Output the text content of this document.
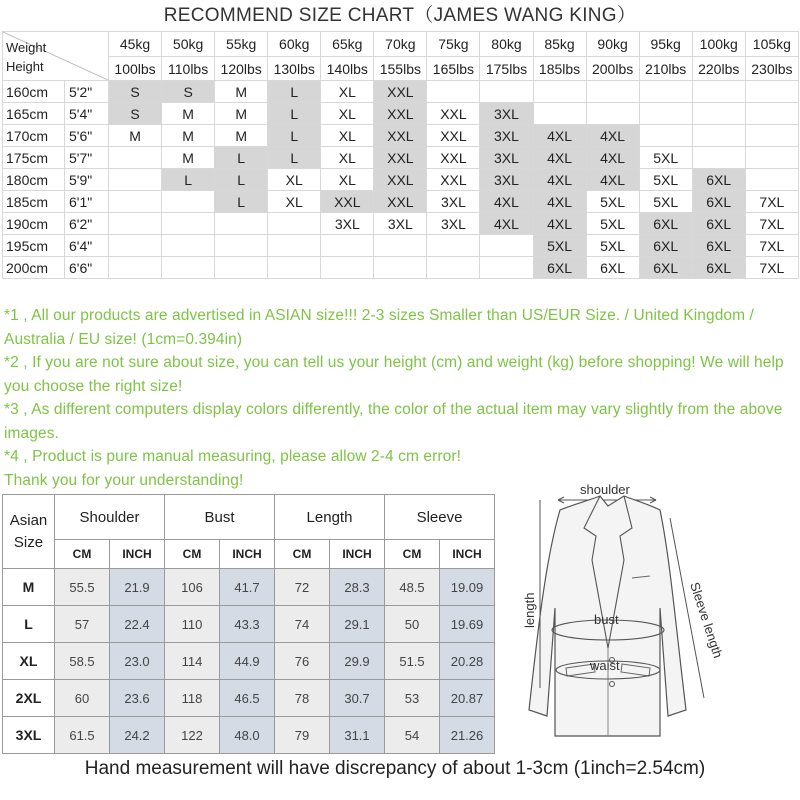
RECOMMEND SIZE CHART（JAMES WANG KING）
Weight
Height		45kg	50kg	55kg	60kg	65kg	70kg	75kg	80kg	85kg	90kg	95kg	100kg	105kg
		100lbs	110lbs	120lbs	130lbs	140lbs	155lbs	165lbs	175lbs	185lbs	200lbs	210lbs	220lbs	230lbs
160cm	5'2"	S	S	M	L	XL	XXL							
165cm	5'4"	S	M	M	L	XL	XXL	XXL	3XL					
170cm	5'6"	M	M	M	L	XL	XXL	XXL	3XL	4XL	4XL			
175cm	5'7"		M	L	L	XL	XXL	XXL	3XL	4XL	4XL	5XL		
180cm	5'9"		L	L	XL	XL	XXL	XXL	3XL	4XL	4XL	5XL	6XL	
185cm	6'1"			L	XL	XXL	XXL	3XL	4XL	4XL	5XL	5XL	6XL	7XL
190cm	6'2"					3XL	3XL	3XL	4XL	4XL	5XL	6XL	6XL	7XL
195cm	6'4"									5XL	5XL	6XL	6XL	7XL
200cm	6'6"									6XL	6XL	6XL	6XL	7XL

*1 , All our products are advertised in ASIAN size!!! 2-3 sizes Smaller than US/EUR Size. / United Kingdom / Australia / EU size! (1cm=0.394in)

*2 , If you are not sure about size, you can tell us your height (cm) and weight (kg) before shopping! We will help you choose the right size!

*3 , As different computers display colors differently, the color of the actual item may vary slightly from the above images.

*4 , Product is pure manual measuring, please allow 2-4 cm error!

Thank you for your understanding!

Asian
Size	Shoulder		Bust		Length		Sleeve	
	CM	INCH	CM	INCH	CM	INCH	CM	INCH
M	55.5	21.9	106	41.7	72	28.3	48.5	19.09
L	57	22.4	110	43.3	74	29.1	50	19.69
XL	58.5	23.0	114	44.9	76	29.9	51.5	20.28
2XL	60	23.6	118	46.5	78	30.7	53	20.87
3XL	61.5	24.2	122	48.0	79	31.1	54	21.26
shoulder
bust
waist
length	Sleeve length
Hand measurement will have discrepancy of about 1-3cm (1inch=2.54cm)
